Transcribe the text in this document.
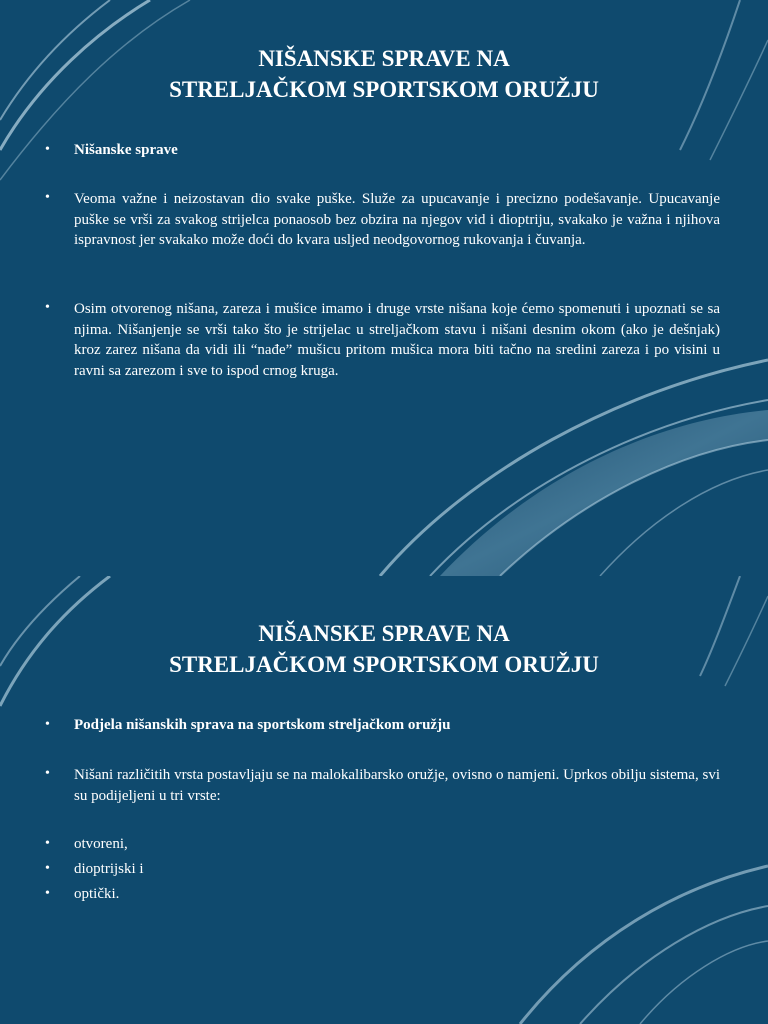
NIŠANSKE SPRAVE NA
STRELJAČKOM SPORTSKOM ORUŽJU
• Nišanske sprave
• Veoma važne i neizostavan dio svake puške. Služe za upucavanje i precizno podešavanje. Upucavanje puške se vrši za svakog strijelca ponaosob bez obzira na njegov vid i dioptriju, svakako je važna i njihova ispravnost jer svakako može doći do kvara usljed neodgovornog rukovanja i čuvanja.
• Osim otvorenog nišana, zareza i mušice imamo i druge vrste nišana koje ćemo spomenuti i upoznati se sa njima. Nišanjenje se vrši tako što je strijelac u streljačkom stavu i nišani desnim okom (ako je dešnjak) kroz zarez nišana da vidi ili “nađe” mušicu pritom mušica mora biti tačno na sredini zareza i po visini u ravni sa zarezom i sve to ispod crnog kruga.
NIŠANSKE SPRAVE NA
STRELJAČKOM SPORTSKOM ORUŽJU
• Podjela nišanskih sprava na sportskom streljačkom oružju
• Nišani različitih vrsta postavljaju se na malokalibarsko oružje, ovisno o namjeni. Uprkos obilju sistema, svi su podijeljeni u tri vrste:
• otvoreni,
• dioptrijski i
• optički.
